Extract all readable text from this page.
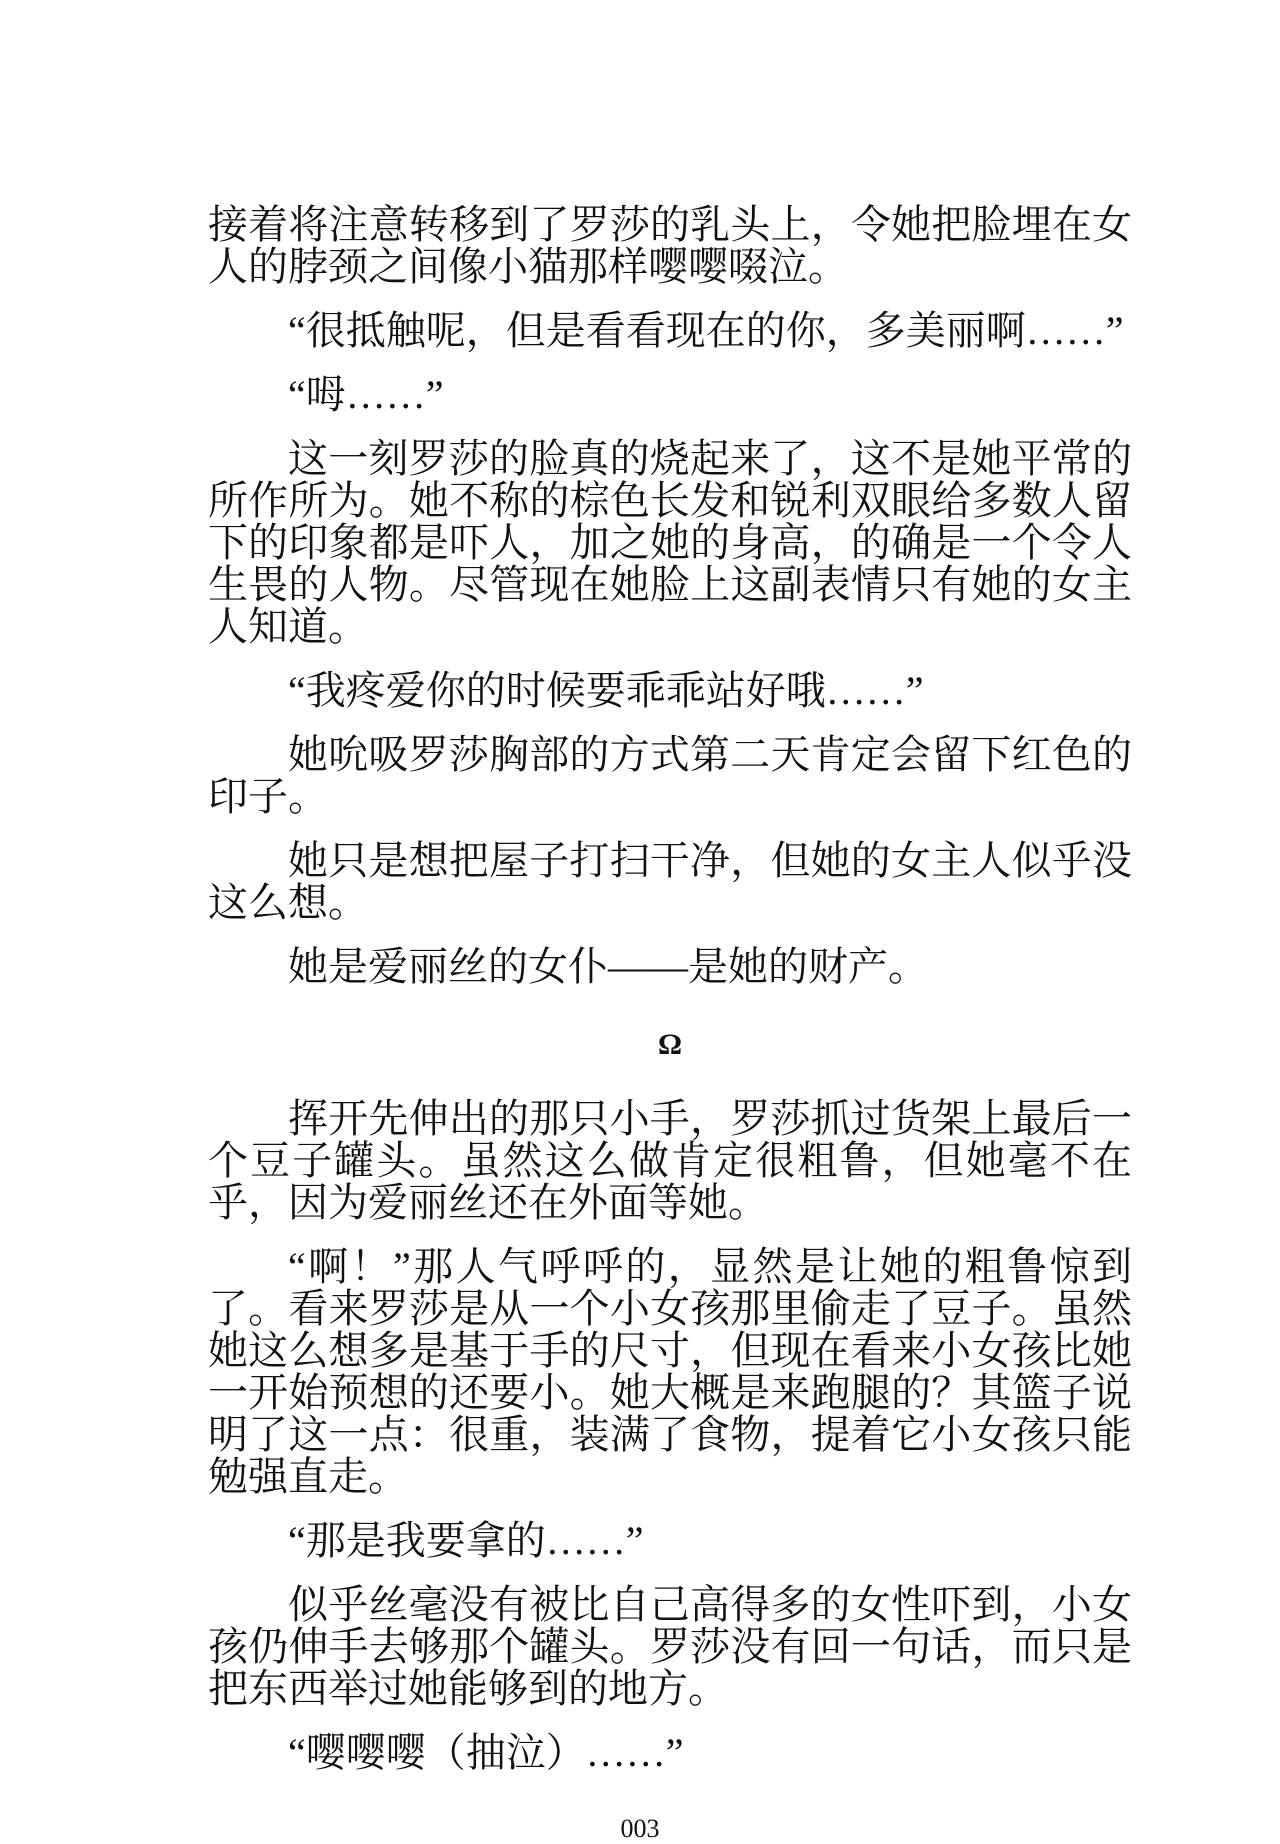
接着将注意转移到了罗莎的乳头上，令她把脸埋在女人的脖颈之间像小猫那样嘤嘤啜泣。

“很抵触呢，但是看看现在的你，多美丽啊……”

“呣……”

这一刻罗莎的脸真的烧起来了，这不是她平常的所作所为。她不称的棕色长发和锐利双眼给多数人留下的印象都是吓人，加之她的身高，的确是一个令人生畏的人物。尽管现在她脸上这副表情只有她的女主人知道。

“我疼爱你的时候要乖乖站好哦……”

她吮吸罗莎胸部的方式第二天肯定会留下红色的印子。

她只是想把屋子打扫干净，但她的女主人似乎没这么想。

她是爱丽丝的女仆——是她的财产。

Ω

挥开先伸出的那只小手，罗莎抓过货架上最后一个豆子罐头。虽然这么做肯定很粗鲁，但她毫不在乎，因为爱丽丝还在外面等她。

“啊！”那人气呼呼的，显然是让她的粗鲁惊到了。看来罗莎是从一个小女孩那里偷走了豆子。虽然她这么想多是基于手的尺寸，但现在看来小女孩比她一开始预想的还要小。她大概是来跑腿的？其篮子说明了这一点：很重，装满了食物，提着它小女孩只能勉强直走。

“那是我要拿的……”

似乎丝毫没有被比自己高得多的女性吓到，小女孩仍伸手去够那个罐头。罗莎没有回一句话，而只是把东西举过她能够到的地方。

“嘤嘤嘤（抽泣）……”

003
